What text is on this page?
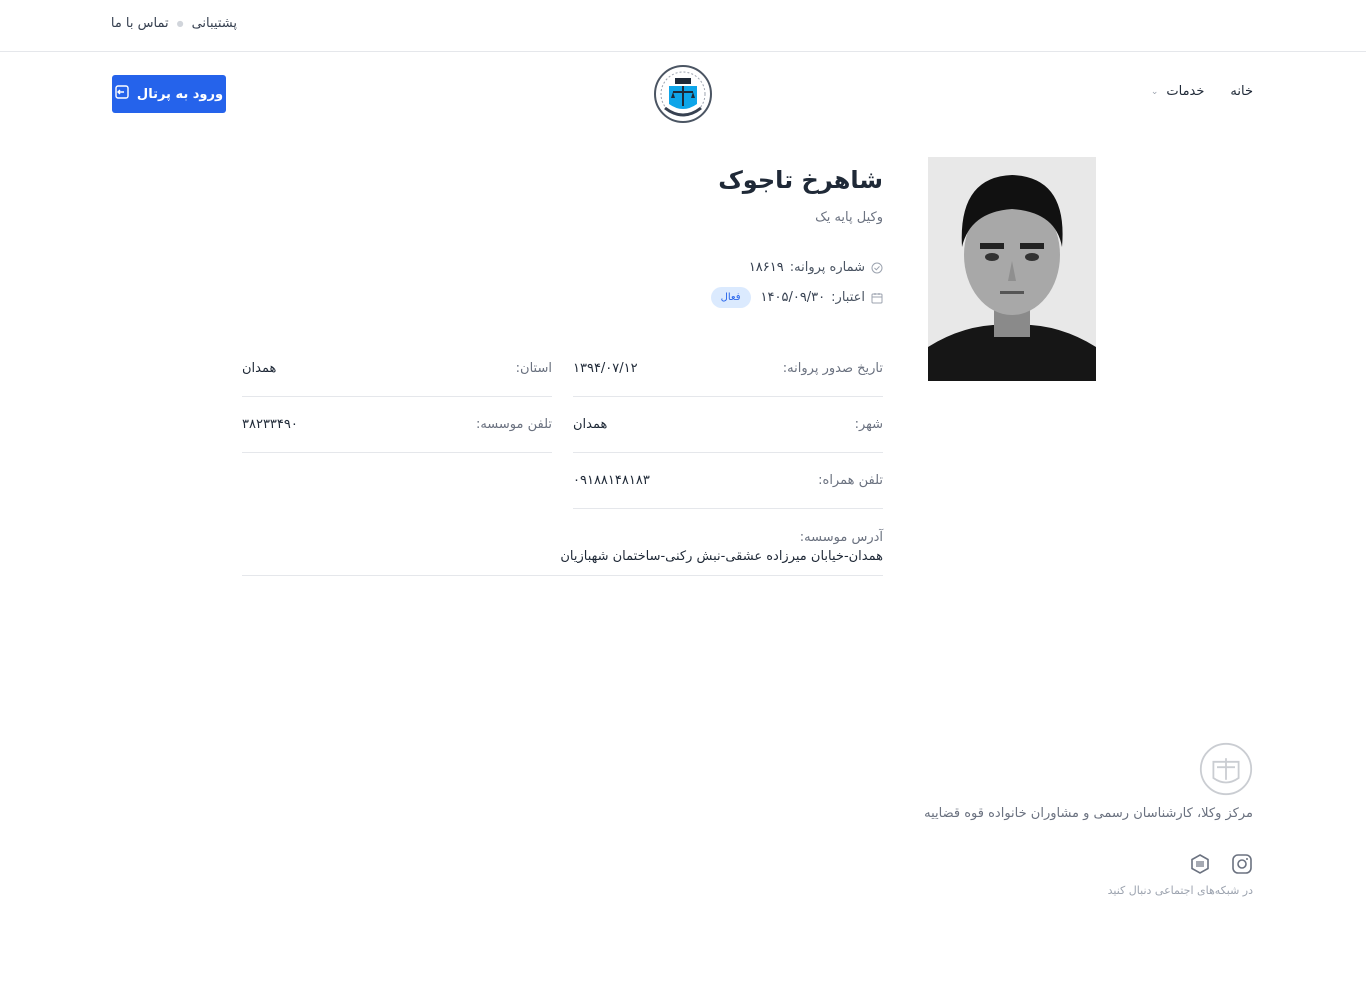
پشتیبانی
●
تماس با ما
خانه
خدمات
⌄
ورود به پرتال
شاهرخ تاجوک
وکیل پایه یک
شماره پروانه:
۱۸۶۱۹
اعتبار:
۱۴۰۵/۰۹/۳۰
فعال
تاریخ صدور پروانه:
۱۳۹۴/۰۷/۱۲
استان:
همدان
شهر:
همدان
تلفن موسسه:
۳۸۲۳۳۴۹۰
تلفن همراه:
۰۹۱۸۸۱۴۸۱۸۳
آدرس موسسه:
همدان-خیابان میرزاده عشقی-نبش رکنی-ساختمان شهبازیان
مرکز وکلا، کارشناسان رسمی و مشاوران خانواده قوه قضاییه
در شبکه‌های اجتماعی دنبال کنید
